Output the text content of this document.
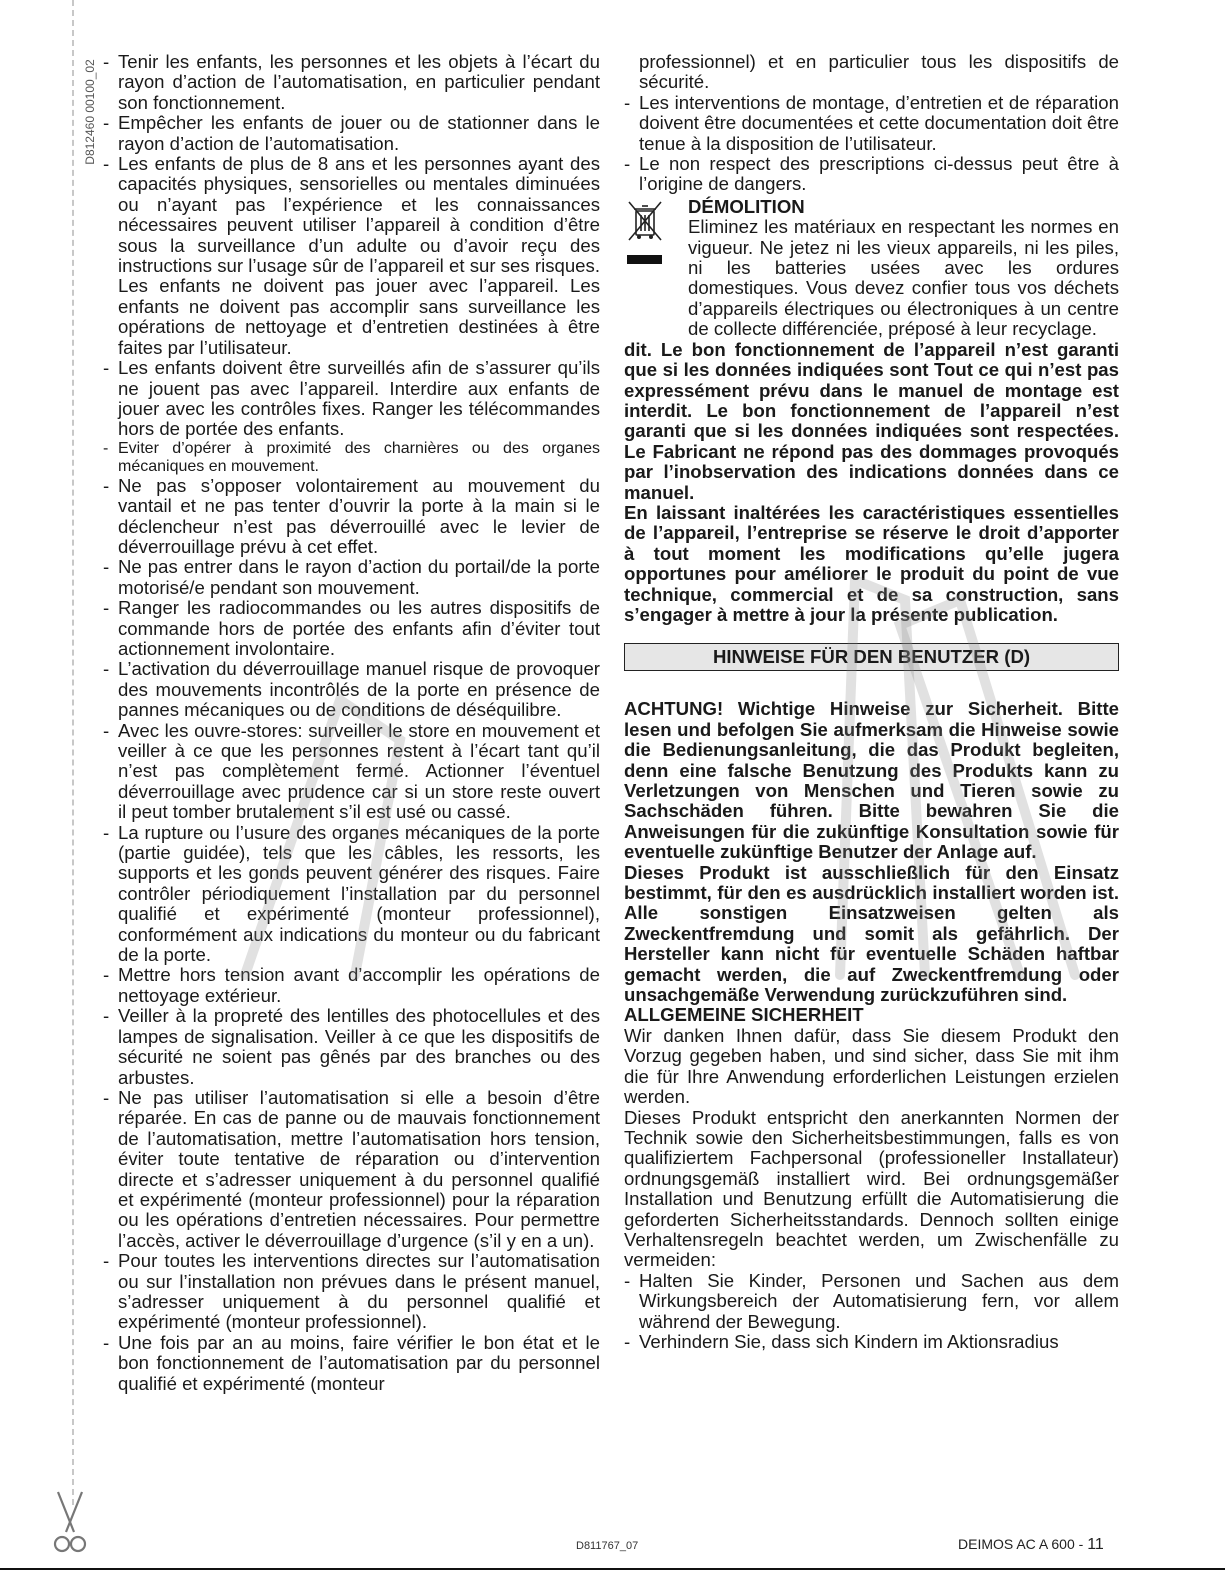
D812460 00100_02 - Tenir les enfants, les personnes et les objets à l’écart du rayon d’action de l’automatisation, en particulier pendant son fonctionnement.
- Empêcher les enfants de jouer ou de stationner dans le rayon d’action de l’automatisation.
- Les enfants de plus de 8 ans et les personnes ayant des capacités physiques, sensorielles ou mentales diminuées ou n’ayant pas l’expérience et les connaissances nécessaires peuvent utiliser l’appareil à condition d’être sous la surveillance d’un adulte ou d’avoir reçu des instructions sur l’usage sûr de l’appareil et sur ses risques. Les enfants ne doivent pas jouer avec l’appareil. Les enfants ne doivent pas accomplir sans surveillance les opérations de nettoyage et d’entretien destinées à être faites par l’utilisateur.
- Les enfants doivent être surveillés afin de s’assurer qu’ils ne jouent pas avec l’appareil. Interdire aux enfants de jouer avec les contrôles fixes. Ranger les télécommandes hors de portée des enfants.
- Eviter d’opérer à proximité des charnières ou des organes mécaniques en mouvement.
- Ne pas s’opposer volontairement au mouvement du vantail et ne pas tenter d’ouvrir la porte à la main si le déclencheur n’est pas déverrouillé avec le levier de déverrouillage prévu à cet effet.
- Ne pas entrer dans le rayon d’action du portail/de la porte motorisé/e pendant son mouvement.
- Ranger les radiocommandes ou les autres dispositifs de commande hors de portée des enfants afin d’éviter tout actionnement involontaire.
- L’activation du déverrouillage manuel risque de provoquer des mouvements incontrôlés de la porte en présence de pannes mécaniques ou de conditions de déséquilibre.
- Avec les ouvre-stores: surveiller le store en mouvement et veiller à ce que les personnes restent à l’écart tant qu’il n’est pas complètement fermé. Actionner l’éventuel déverrouillage avec prudence car si un store reste ouvert il peut tomber brutalement s’il est usé ou cassé.
- La rupture ou l’usure des organes mécaniques de la porte (partie guidée), tels que les câbles, les ressorts, les supports et les gonds peuvent générer des risques. Faire contrôler périodiquement l’installation par du personnel qualifié et expérimenté (monteur professionnel), conformément aux indications du monteur ou du fabricant de la porte.
- Mettre hors tension avant d’accomplir les opérations de nettoyage extérieur.
- Veiller à la propreté des lentilles des photocellules et des lampes de signalisation. Veiller à ce que les dispositifs de sécurité ne soient pas gênés par des branches ou des arbustes.
- Ne pas utiliser l’automatisation si elle a besoin d’être réparée. En cas de panne ou de mauvais fonctionnement de l’automatisation, mettre l’automatisation hors tension, éviter toute tentative de réparation ou d’intervention directe et s’adresser uniquement à du personnel qualifié et expérimenté (monteur professionnel) pour la réparation ou les opérations d’entretien nécessaires. Pour permettre l’accès, activer le déverrouillage d’urgence (s’il y en a un).
- Pour toutes les interventions directes sur l’automatisation ou sur l’installation non prévues dans le présent manuel, s’adresser uniquement à du personnel qualifié et expérimenté (monteur professionnel).
- Une fois par an au moins, faire vérifier le bon état et le bon fonctionnement de l’automatisation par du personnel qualifié et expérimenté (monteur
professionnel) et en particulier tous les dispositifs de sécurité.
- Les interventions de montage, d’entretien et de réparation doivent être documentées et cette documentation doit être tenue à la disposition de l’utilisateur.
- Le non respect des prescriptions ci-dessus peut être à l’origine de dangers.
DÉMOLITION
Eliminez les matériaux en respectant les normes en vigueur. Ne jetez ni les vieux appareils, ni les piles, ni les batteries usées avec les ordures domestiques. Vous devez confier tous vos déchets d’appareils électriques ou électroniques à un centre de collecte différenciée, préposé à leur recyclage.
dit. Le bon fonctionnement de l’appareil n’est garanti que si les données indiquées sont Tout ce qui n’est pas expressément prévu dans le manuel de montage est interdit. Le bon fonctionnement de l’appareil n’est garanti que si les données indiquées sont respectées. Le Fabricant ne répond pas des dommages provoqués par l’inobservation des indications données dans ce manuel.
En laissant inaltérées les caractéristiques essentielles de l’appareil, l’entreprise se réserve le droit d’apporter à tout moment les modifications qu’elle jugera opportunes pour améliorer le produit du point de vue technique, commercial et de sa construction, sans s’engager à mettre à jour la présente publication.
HINWEISE FÜR DEN BENUTZER (D)
ACHTUNG! Wichtige Hinweise zur Sicherheit. Bitte lesen und befolgen Sie aufmerksam die Hinweise sowie die Bedienungsanleitung, die das Produkt begleiten, denn eine falsche Benutzung des Produkts kann zu Verletzungen von Menschen und Tieren sowie zu Sachschäden führen. Bitte bewahren Sie die Anweisungen für die zukünftige Konsultation sowie für eventuelle zukünftige Benutzer der Anlage auf.
Dieses Produkt ist ausschließlich für den Einsatz bestimmt, für den es ausdrücklich installiert worden ist. Alle sonstigen Einsatzweisen gelten als Zweckentfremdung und somit als gefährlich. Der Hersteller kann nicht für eventuelle Schäden haftbar gemacht werden, die auf Zweckentfremdung oder unsachgemäße Verwendung zurückzuführen sind.
ALLGEMEINE SICHERHEIT
Wir danken Ihnen dafür, dass Sie diesem Produkt den Vorzug gegeben haben, und sind sicher, dass Sie mit ihm die für Ihre Anwendung erforderlichen Leistungen erzielen werden.
Dieses Produkt entspricht den anerkannten Normen der Technik sowie den Sicherheitsbestimmungen, falls es von qualifiziertem Fachpersonal (professioneller Installateur) ordnungsgemäß installiert wird. Bei ordnungsgemäßer Installation und Benutzung erfüllt die Automatisierung die geforderten Sicherheitsstandards. Dennoch sollten einige Verhaltensregeln beachtet werden, um Zwischenfälle zu vermeiden:
- Halten Sie Kinder, Personen und Sachen aus dem Wirkungsbereich der Automatisierung fern, vor allem während der Bewegung.
- Verhindern Sie, dass sich Kindern im Aktionsradius
D811767_07	DEIMOS AC A 600 - 11
